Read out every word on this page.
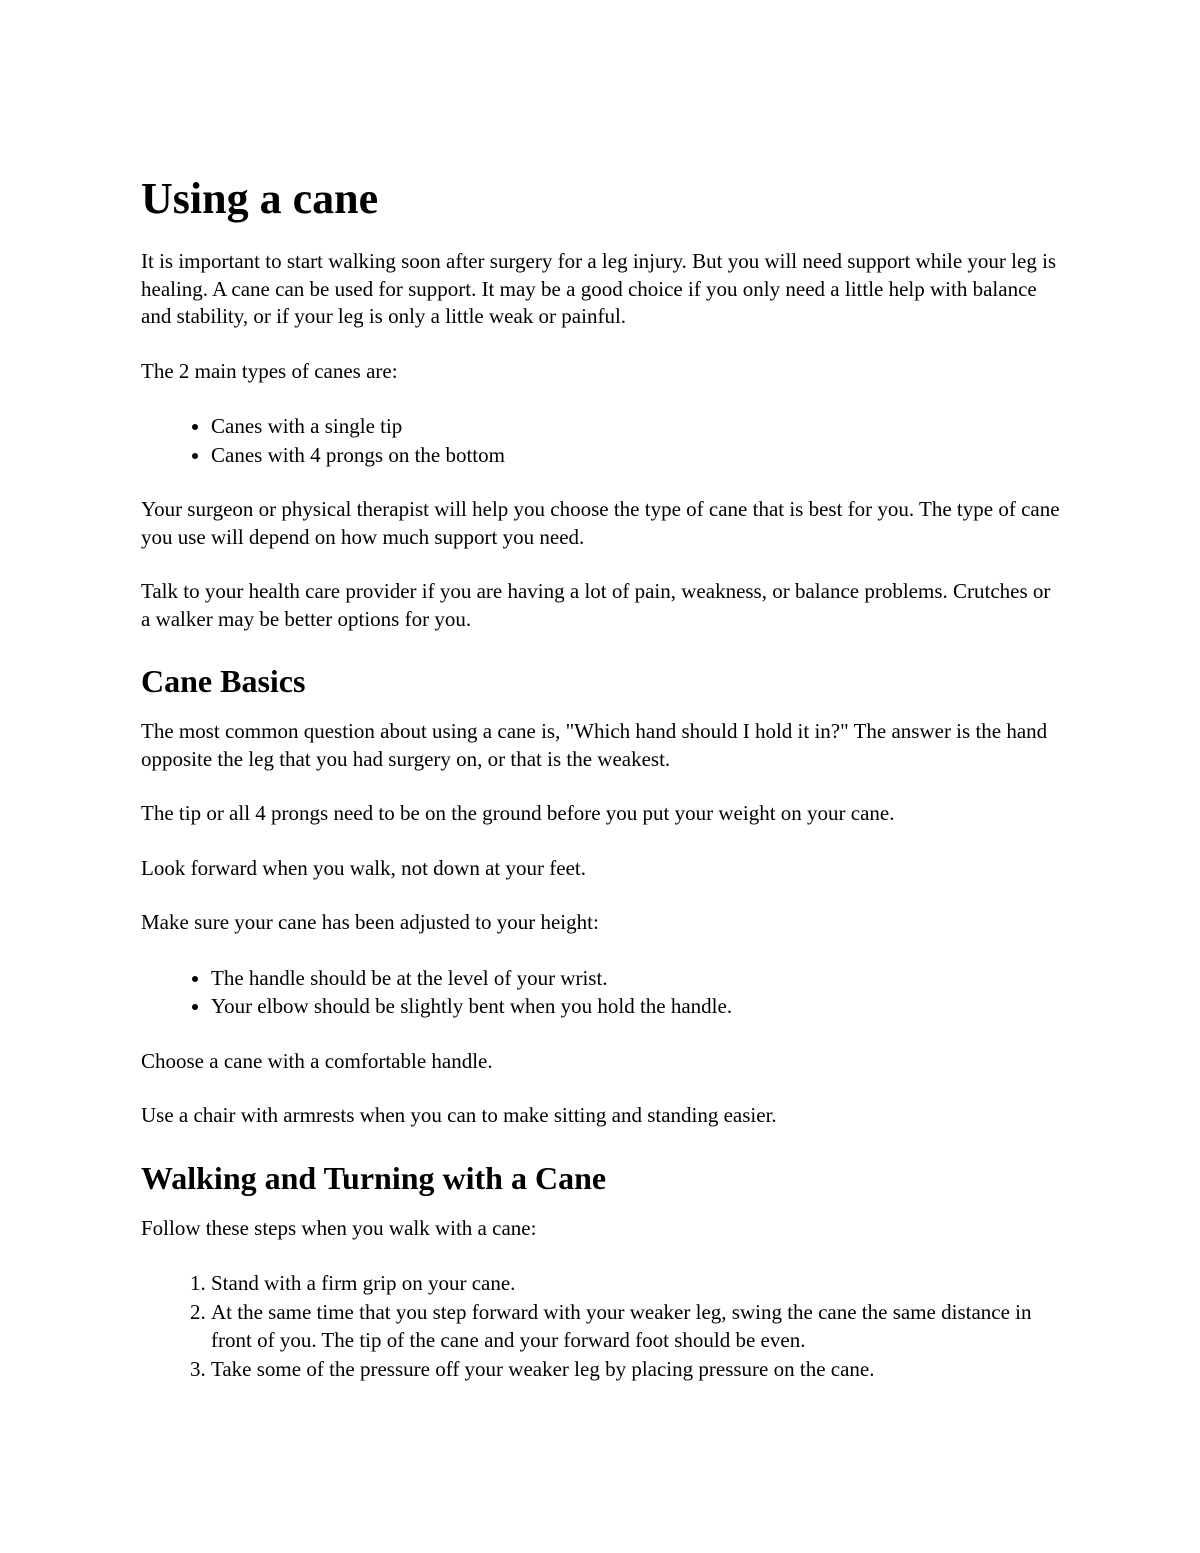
Using a cane

It is important to start walking soon after surgery for a leg injury. But you will need support while your leg is healing. A cane can be used for support. It may be a good choice if you only need a little help with balance and stability, or if your leg is only a little weak or painful.

The 2 main types of canes are:

• Canes with a single tip
• Canes with 4 prongs on the bottom

Your surgeon or physical therapist will help you choose the type of cane that is best for you. The type of cane you use will depend on how much support you need.

Talk to your health care provider if you are having a lot of pain, weakness, or balance problems. Crutches or a walker may be better options for you.

Cane Basics

The most common question about using a cane is, "Which hand should I hold it in?" The answer is the hand opposite the leg that you had surgery on, or that is the weakest.

The tip or all 4 prongs need to be on the ground before you put your weight on your cane.

Look forward when you walk, not down at your feet.

Make sure your cane has been adjusted to your height:

• The handle should be at the level of your wrist.
• Your elbow should be slightly bent when you hold the handle.

Choose a cane with a comfortable handle.

Use a chair with armrests when you can to make sitting and standing easier.

Walking and Turning with a Cane

Follow these steps when you walk with a cane:

1. Stand with a firm grip on your cane.
2. At the same time that you step forward with your weaker leg, swing the cane the same distance in front of you. The tip of the cane and your forward foot should be even.
3. Take some of the pressure off your weaker leg by placing pressure on the cane.
